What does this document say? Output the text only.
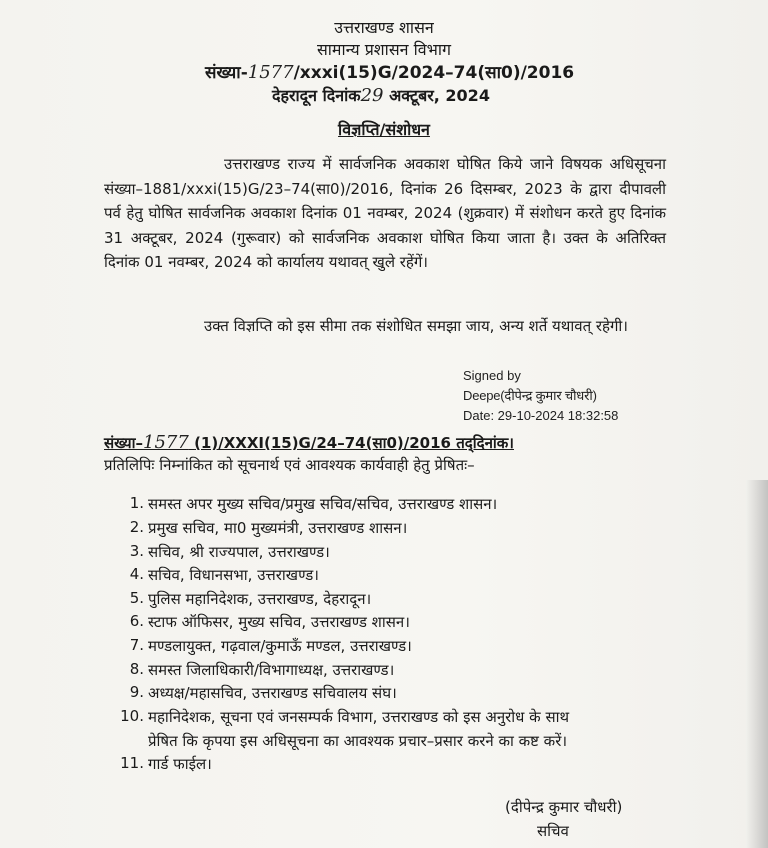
उत्तराखण्ड शासन
सामान्य प्रशासन विभाग
संख्या-1577/xxxi(15)G/2024–74(सा0)/2016
देहरादून दिनांक29 अक्टूबर, 2024
विज्ञप्ति/संशोधन
उत्तराखण्ड राज्य में सार्वजनिक अवकाश घोषित किये जाने विषयक अधिसूचना संख्या–1881/xxxi(15)G/23–74(सा0)/2016, दिनांक 26 दिसम्बर, 2023 के द्वारा दीपावली पर्व हेतु घोषित सार्वजनिक अवकाश दिनांक 01 नवम्बर, 2024 (शुक्रवार) में संशोधन करते हुए दिनांक 31 अक्टूबर, 2024 (गुरूवार) को सार्वजनिक अवकाश घोषित किया जाता है। उक्त के अतिरिक्त दिनांक 01 नवम्बर, 2024 को कार्यालय यथावत् खुले रहेंगें।
उक्त विज्ञप्ति को इस सीमा तक संशोधित समझा जाय, अन्य शर्ते यथावत् रहेगी।
Signed by
Deepe(दीपेन्द्र कुमार चौधरी)
Date: 29-10-2024 18:32:58
संख्या–1577 (1)/XXXI(15)G/24–74(सा0)/2016 तद्‌दिनांक।
प्रतिलिपिः निम्नांकित को सूचनार्थ एवं आवश्यक कार्यवाही हेतु प्रेषितः–
1. समस्त अपर मुख्य सचिव/प्रमुख सचिव/सचिव, उत्तराखण्ड शासन।
2. प्रमुख सचिव, मा0 मुख्यमंत्री, उत्तराखण्ड शासन।
3. सचिव, श्री राज्यपाल, उत्तराखण्ड।
4. सचिव, विधानसभा, उत्तराखण्ड।
5. पुलिस महानिदेशक, उत्तराखण्ड, देहरादून।
6. स्टाफ ऑफिसर, मुख्य सचिव, उत्तराखण्ड शासन।
7. मण्डलायुक्त, गढ़वाल/कुमाऊँ मण्डल, उत्तराखण्ड।
8. समस्त जिलाधिकारी/विभागाध्यक्ष, उत्तराखण्ड।
9. अध्यक्ष/महासचिव, उत्तराखण्ड सचिवालय संघ।
10. महानिदेशक, सूचना एवं जनसम्पर्क विभाग, उत्तराखण्ड को इस अनुरोध के साथ
प्रेषित कि कृपया इस अधिसूचना का आवश्यक प्रचार–प्रसार करने का कष्ट करें।
11. गार्ड फाईल।
(दीपेन्द्र कुमार चौधरी)
सचिव
